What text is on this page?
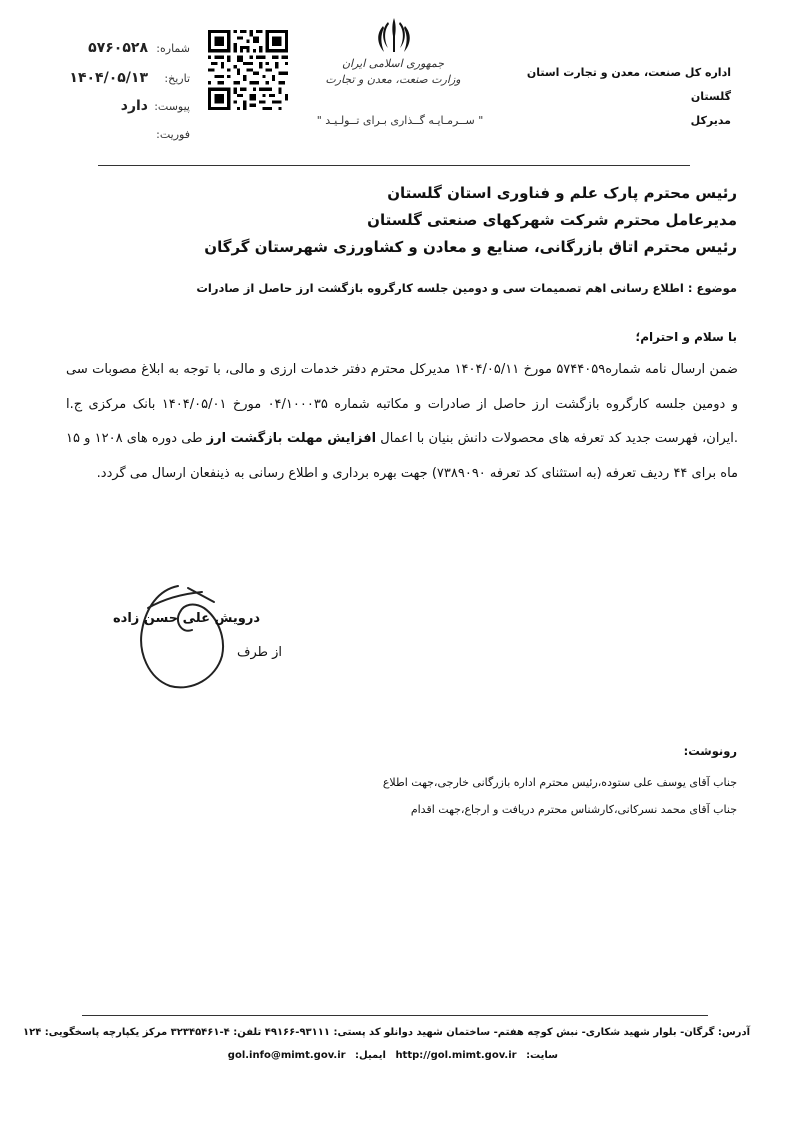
شماره:
۵۷۶۰۵۲۸
تاریخ:
۱۴۰۴/۰۵/۱۳
پیوست:
دارد
فوریت:
جمهوری اسلامی ایران
وزارت صنعت، معدن و تجارت
" ســرمـایـه گــذاری بـرای تــولـیـد "
اداره کل صنعت، معدن و تجارت استان گلستان
مدیرکل
رئیس محترم پارک علم و فناوری استان گلستان
مدیرعامل محترم شرکت شهرکهای صنعتی گلستان
رئیس محترم اتاق بازرگانی، صنایع و معادن و کشاورزی شهرستان گرگان
موضوع : اطلاع رسانی اهم تصمیمات سی و دومین جلسه کارگروه بازگشت ارز حاصل از صادرات
با سلام و احترام؛
ضمن ارسال نامه شماره۵۷۴۴۰۵۹ مورخ ۱۴۰۴/۰۵/۱۱ مدیرکل محترم دفتر خدمات ارزی و مالی، با توجه به ابلاغ مصوبات سی و دومین جلسه کارگروه بازگشت ارز حاصل از صادرات و مکاتبه شماره ۰۴/۱۰۰۰۳۵ مورخ ۱۴۰۴/۰۵/۰۱ بانک مرکزی ج.ا .ایران، فهرست جدید کد تعرفه های محصولات دانش بنیان با اعمال افزایش مهلت بازگشت ارز طی دوره های ۱۲۰۸ و ۱۵ ماه برای ۴۴ ردیف تعرفه (به استثنای کد تعرفه ۷۳۸۹۰۹۰) جهت بهره برداری و اطلاع رسانی به ذینفعان ارسال می گردد.
درویش علی حسن زاده
از طرف
رونوشت:
جناب آقای یوسف علی ستوده،رئیس محترم اداره بازرگانی خارجی،جهت اطلاع
جناب آقای محمد نسرکانی،کارشناس محترم دریافت و ارجاع،جهت اقدام
آدرس: گرگان- بلوار شهید شکاری- نبش کوچه هفتم- ساختمان شهید دوانلو کد پستی: ۹۳۱۱۱-۴۹۱۶۶ تلفن: ۴-۳۲۳۴۵۴۶۱ مرکز یکپارچه پاسخگویی: ۱۲۴
سایت: http://gol.mimt.gov.ir ایمیل: gol.info@mimt.gov.ir
